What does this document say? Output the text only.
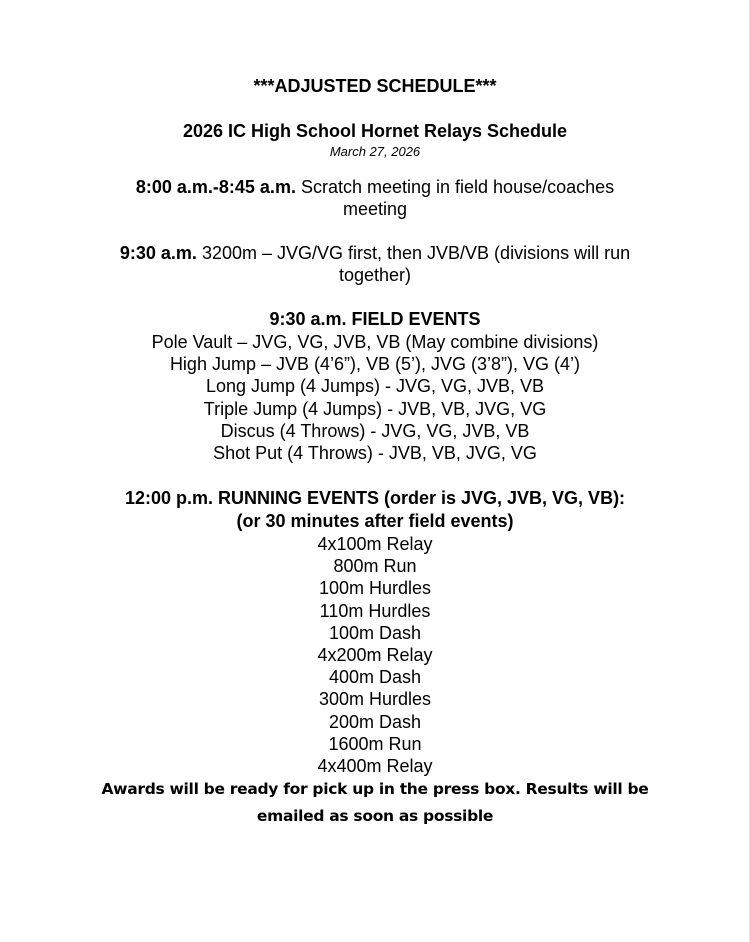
***ADJUSTED SCHEDULE***
2026 IC High School Hornet Relays Schedule
March 27, 2026
8:00 a.m.-8:45 a.m. Scratch meeting in field house/coaches
meeting
9:30 a.m. 3200m – JVG/VG first, then JVB/VB (divisions will run
together)
9:30 a.m. FIELD EVENTS
Pole Vault – JVG, VG, JVB, VB (May combine divisions)
High Jump – JVB (4’6”), VB (5’), JVG (3’8”), VG (4’)
Long Jump (4 Jumps) - JVG, VG, JVB, VB
Triple Jump (4 Jumps) - JVB, VB, JVG, VG
Discus (4 Throws) - JVG, VG, JVB, VB
Shot Put (4 Throws) - JVB, VB, JVG, VG
12:00 p.m. RUNNING EVENTS (order is JVG, JVB, VG, VB):
(or 30 minutes after field events)
4x100m Relay
800m Run
100m Hurdles
110m Hurdles
100m Dash
4x200m Relay
400m Dash
300m Hurdles
200m Dash
1600m Run
4x400m Relay
Awards will be ready for pick up in the press box. Results will be
emailed as soon as possible
